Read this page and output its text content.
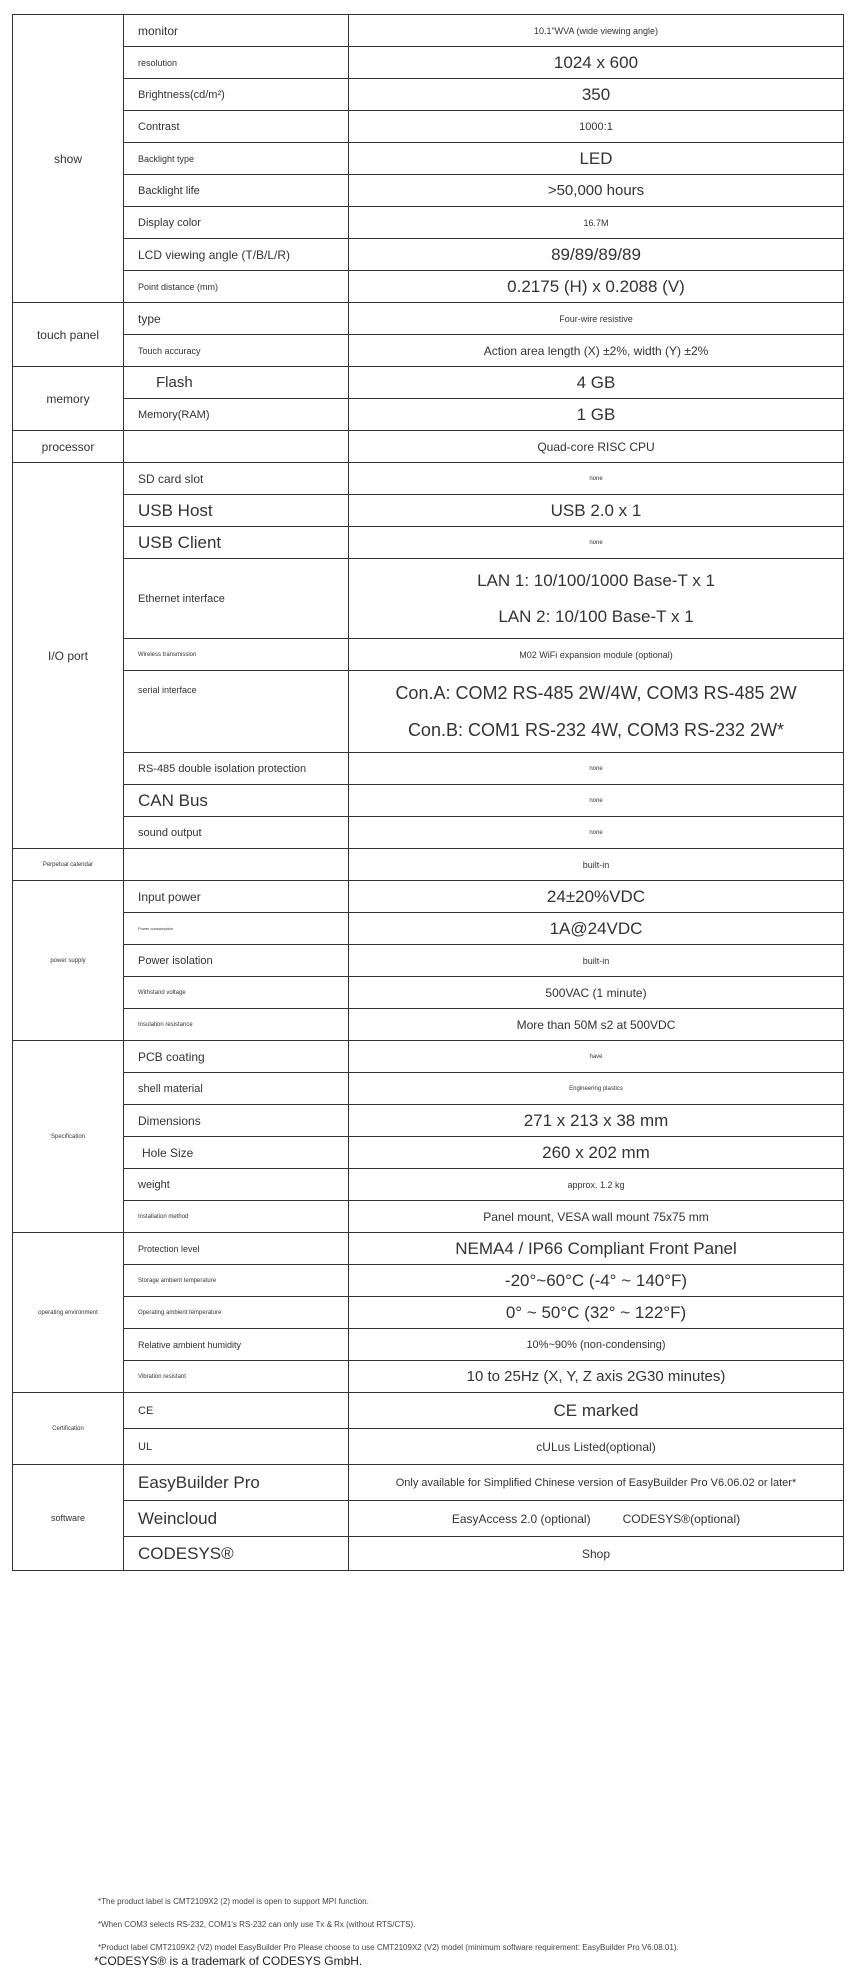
show	monitor	10.1"WVA (wide viewing angle)
	resolution	1024 x 600
	Brightness(cd/m²)	350
	Contrast	1000:1
	Backlight type	LED
	Backlight life	>50,000 hours
	Display color	16.7M
	LCD viewing angle (T/B/L/R)	89/89/89/89
	Point distance (mm)	0.2175 (H) x 0.2088 (V)
touch panel	type	Four-wire resistive
	Touch accuracy	Action area length (X) ±2%, width (Y) ±2%
memory	Flash	4 GB
	Memory(RAM)	1 GB
processor		Quad-core RISC CPU
I/O port	SD card slot	none
	USB Host	USB 2.0 x 1
	USB Client	none
	Ethernet interface	LAN 1: 10/100/1000 Base-T x 1
LAN 2: 10/100 Base-T x 1

	Wireless transmission	M02 WiFi expansion module (optional)
	serial interface	Con.A: COM2 RS-485 2W/4W, COM3 RS-485 2W
Con.B: COM1 RS-232 4W, COM3 RS-232 2W*

	RS-485 double isolation protection	none
	CAN Bus	none
	sound output	none
Perpetual calendar		built-in
power supply	Input power	24±20%VDC
	Power consumption	1A@24VDC
	Power isolation	built-in
	Withstand voltage	500VAC (1 minute)
	Insulation resistance	More than 50M s2 at 500VDC
Specification	PCB coating	have
	shell material	Engineering plastics
	Dimensions	271 x 213 x 38 mm
	Hole Size	260 x 202 mm
	weight	approx. 1.2 kg
	Installation method	Panel mount, VESA wall mount 75x75 mm
operating environment	Protection level	NEMA4 / IP66 Compliant Front Panel
	Storage ambient temperature	-20°~60°C (-4° ~ 140°F)
	Operating ambient temperature	0° ~ 50°C (32° ~ 122°F)
	Relative ambient humidity	10%~90% (non-condensing)
	Vibration resistant	10 to 25Hz (X, Y, Z axis 2G30 minutes)
Certification	CE	CE marked
	UL	cULus Listed(optional)
software	EasyBuilder Pro	Only available for Simplified Chinese version of EasyBuilder Pro V6.06.02 or later*
	Weincloud	EasyAccess 2.0 (optional) CODESYS®(optional)
	CODESYS®	Shop
*The product label is CMT2109X2 (2) model is open to support MPI function.
*When COM3 selects RS-232, COM1's RS-232 can only use Tx & Rx (without RTS/CTS).
*Product label CMT2109X2 (V2) model EasyBuilder Pro Please choose to use CMT2109X2 (V2) model (minimum software requirement: EasyBuilder Pro V6.08.01).
*CODESYS® is a trademark of CODESYS GmbH.
